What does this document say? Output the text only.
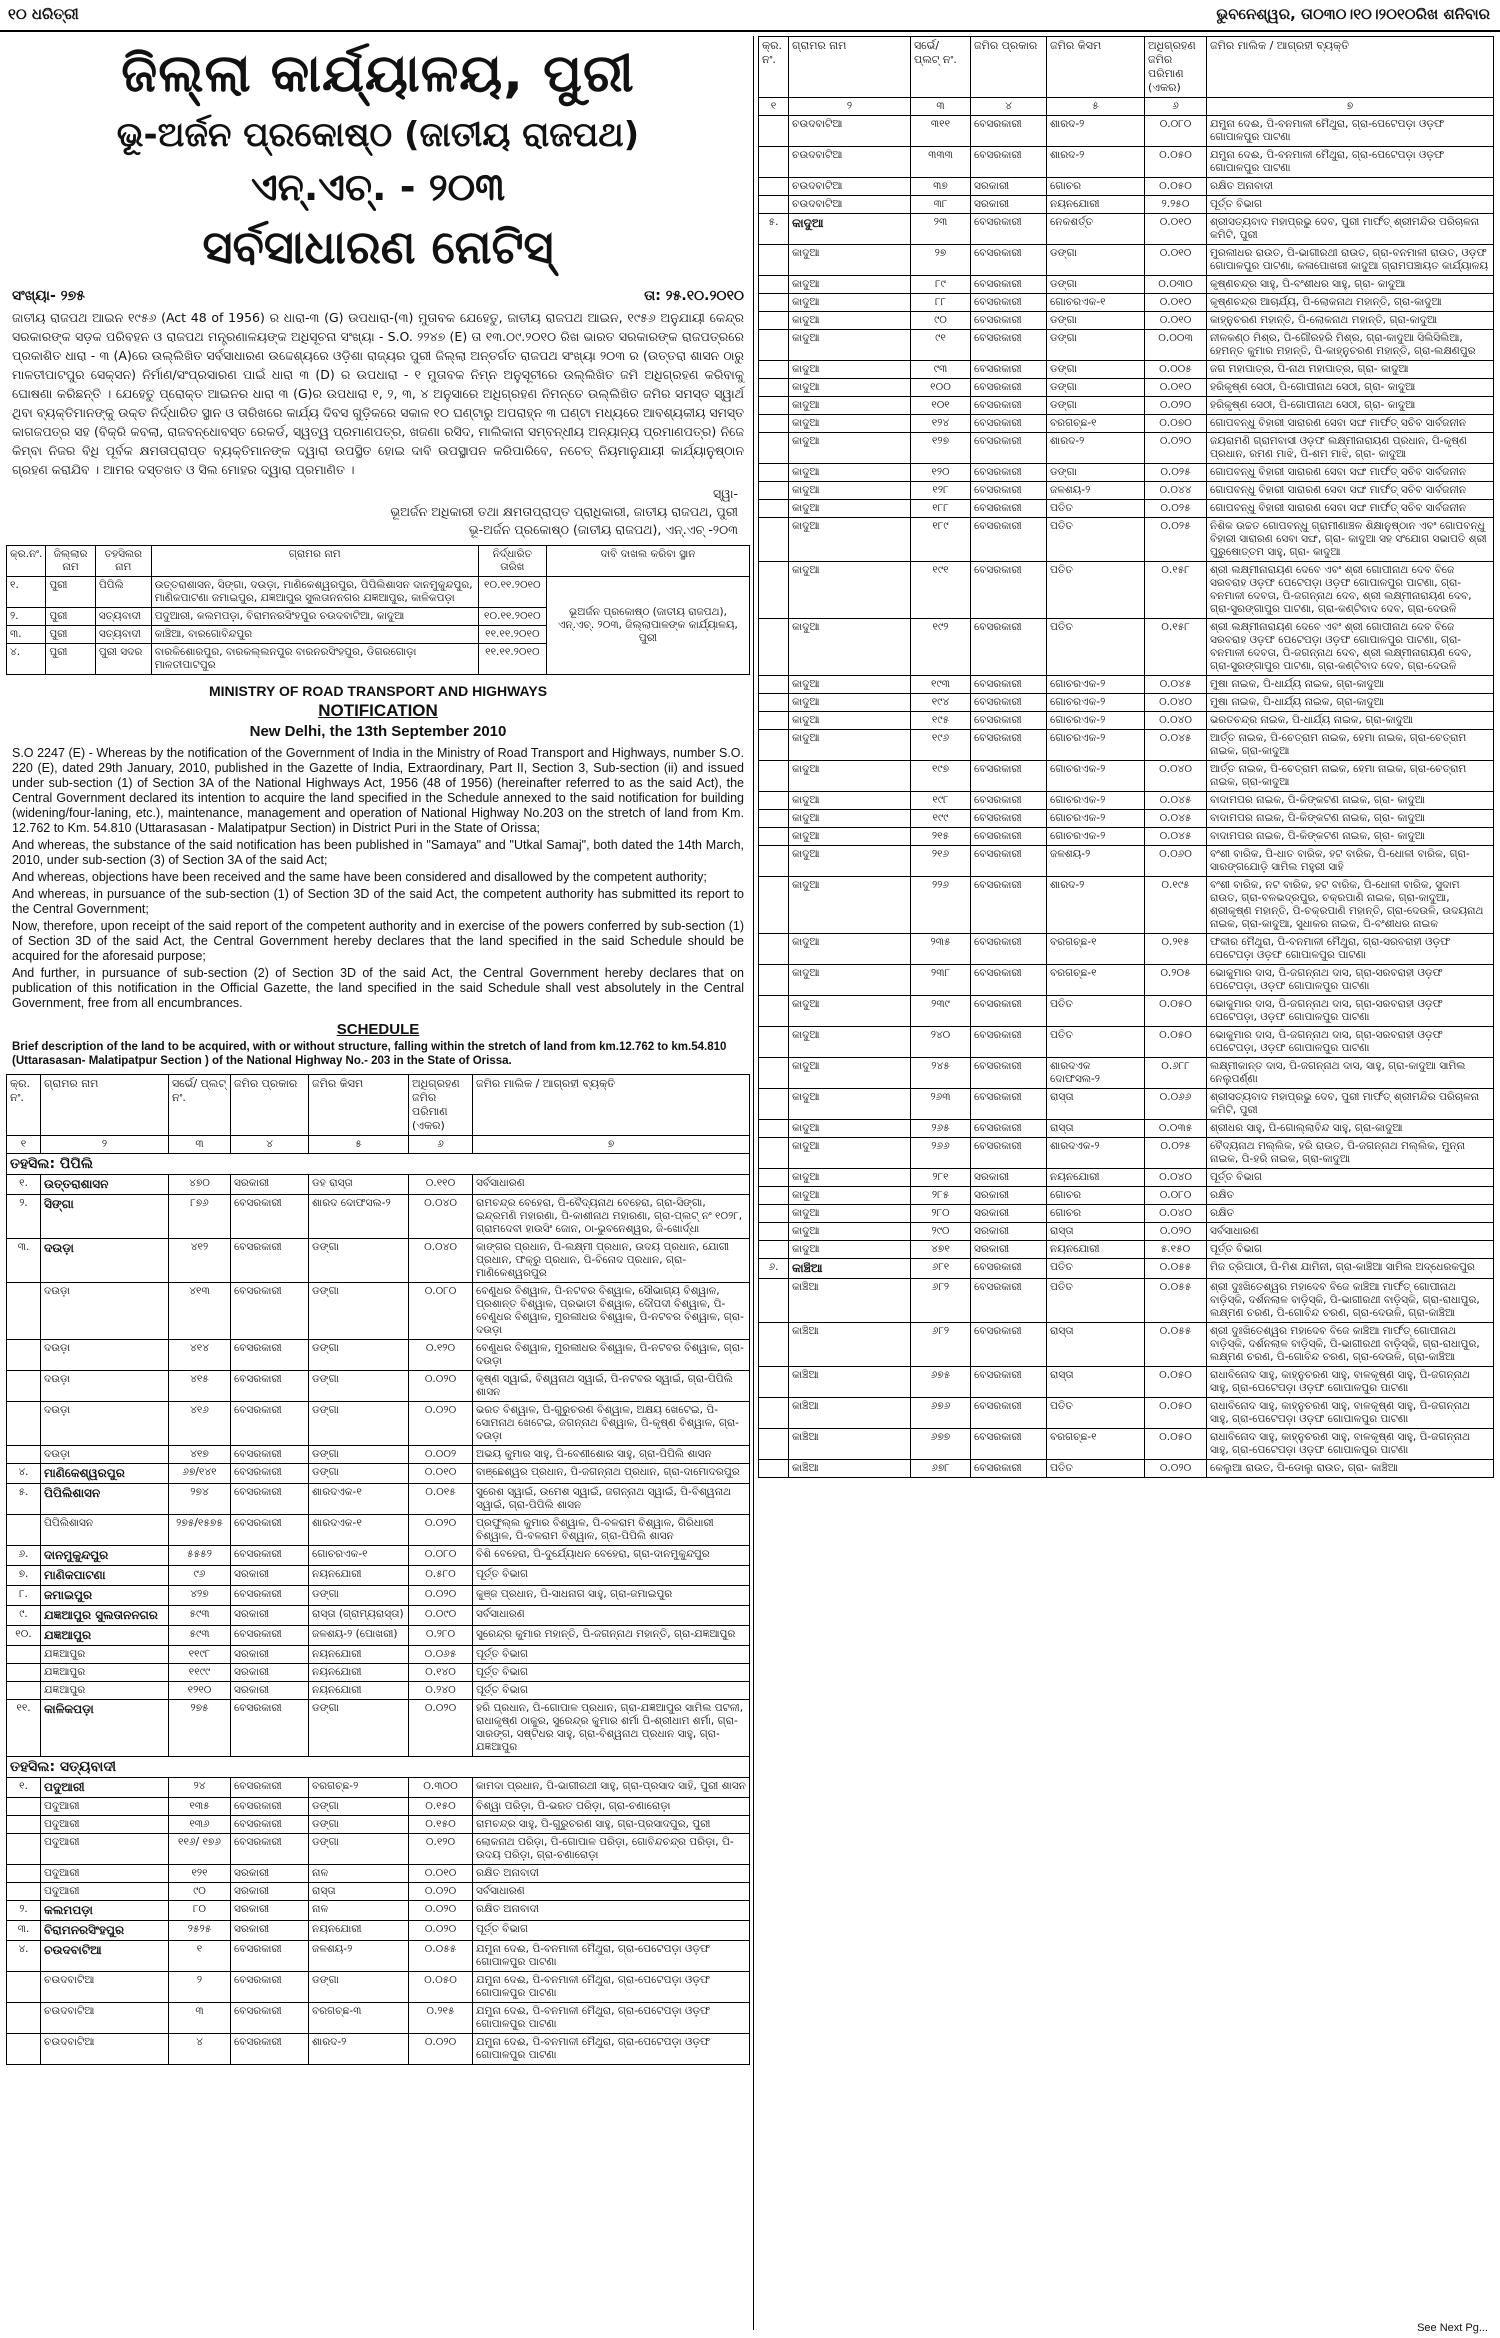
୧୦ ଧରିତ୍ରୀ	ଭୁବନେଶ୍ୱର, ତା୦୩୦।୧୦।୨୦୧୦ରିଖ ଶନିବାର
ଜିଲ୍ଲା କାର୍ଯ୍ୟାଳୟ, ପୁରୀ
ଭୂ-ଅର୍ଜନ ପ୍ରକୋଷ୍ଠ (ଜାତୀୟ ରାଜପଥ)
ଏନ୍.ଏଚ୍. - ୨୦୩
ସର୍ବସାଧାରଣ ନୋଟିସ୍
ସଂଖ୍ୟା- ୨୭୫	ତା: ୨୫.୧୦.୨୦୧୦

ଜାତୀୟ ରାଜପଥ ଆଇନ ୧୯୫୬ (Act 48 of 1956) ର ଧାରା-୩ (G) ଉପଧାରା-(୩) ମୁତାବକ ଯେହେତୁ, ଜାତୀୟ ରାଜପଥ ଆଇନ, ୧୯୫୬ ଅନୁଯାୟୀ କେନ୍ଦ୍ର ସରକାରଙ୍କ ସଡ଼କ ପରିବହନ ଓ ରାଜପଥ ମନ୍ତ୍ରଣାଳୟଙ୍କ ଅଧିସୂଚନା ସଂଖ୍ୟା - S.O. ୨୨୪୭ (E) ତା ୧୩.୦୯.୨୦୧୦ ରିଖ ଭାରତ ସରକାରଙ୍କ ରାଜପତ୍ରରେ ପ୍ରକାଶିତ ଧାରା - ୩ (A)ରେ ଉଲ୍ଲିଖିତ ସର୍ବସାଧାରଣ ଉଦ୍ଦେଶ୍ୟରେ ଓଡ଼ିଶା ରାଜ୍ୟର ପୁରୀ ଜିଲ୍ଲା ଅନ୍ତର୍ଗତ ରାଜପଥ ସଂଖ୍ୟା ୨୦୩ ର (ଉତ୍ତରା ଶାସନ ଠାରୁ ମାଳତୀପାଟପୁର ସେକ୍ସନ) ନିର୍ମାଣ/ସଂପ୍ରସାରଣ ପାଇଁ ଧାରା ୩ (D) ର ଉପଧାରା - ୧ ମୁତାବକ ନିମ୍ନ ଅନୁସୂଚୀରେ ଉଲ୍ଲିଖିତ ଜମି ଅଧିଗ୍ରହଣ କରିବାକୁ ଘୋଷଣା କରିଛନ୍ତି । ଯେହେତୁ ପ୍ରୋକ୍ତ ଆଇନର ଧାରା ୩ (G)ର ଉପଧାରା ୧, ୨, ୩, ୪ ଅନୁସାରେ ଅଧିଗ୍ରହଣ ନିମନ୍ତେ ଉଲ୍ଲିଖିତ ଜମିର ସମସ୍ତ ସ୍ୱାର୍ଥ ଥିବା ବ୍ୟକ୍ତିମାନଙ୍କୁ ଉକ୍ତ ନିର୍ଦ୍ଧାରିତ ସ୍ଥାନ ଓ ତାରିଖରେ କାର୍ଯ୍ୟ ଦିବସ ଗୁଡ଼ିକରେ ସକାଳ ୧୦ ଘଣ୍ଟାରୁ ଅପରାହ୍ନ ୩ ଘଣ୍ଟା ମଧ୍ୟରେ ଆବଶ୍ୟକୀୟ ସମସ୍ତ କାଗଜପତ୍ର ସହ (ବିକ୍ରି କବଲା, ରାଜବନ୍ଧୋବସ୍ତ ରେକର୍ଡ, ସ୍ୱତ୍ୱ ପ୍ରମାଣପତ୍ର, ଖଜଣା ରସିଦ, ମାଲିକାନା ସମ୍ବନ୍ଧୀୟ ଅନ୍ୟାନ୍ୟ ପ୍ରମାଣପତ୍ର) ନିଜେ କିମ୍ବା ନିଜର ବିଧି ପୂର୍ବକ କ୍ଷମତାପ୍ରାପ୍ତ ବ୍ୟକ୍ତିମାନଙ୍କ ଦ୍ୱାରା ଉପସ୍ଥିତ ହୋଇ ଦାବି ଉପସ୍ଥାପନ କରିପାରିବେ, ନଚେତ୍ ନିୟମାନୁଯାୟୀ କାର୍ଯ୍ୟାନୁଷ୍ଠାନ ଗ୍ରହଣ କରାଯିବ । ଆମର ଦସ୍ତଖତ ଓ ସିଲ ମୋହର ଦ୍ୱାରା ପ୍ରମାଣିତ ।

ସ୍ୱା-
ଭୂଅର୍ଜନ ଅଧିକାରୀ ତଥା କ୍ଷମତାପ୍ରାପ୍ତ ପ୍ରାଧିକାରୀ, ଜାତୀୟ ରାଜପଥ, ପୁରୀ
ଭୂ-ଅର୍ଜନ ପ୍ରକୋଷ୍ଠ (ଜାତୀୟ ରାଜପଥ), ଏନ୍.ଏଚ୍ -୨୦୩
କ୍ର.ନଂ.	ଜିଲ୍ଲାର ନାମ	ତହସିଲର ନାମ	ଗ୍ରାମର ନାମ	ନିର୍ଦ୍ଧାରିତ ତାରିଖ	ଦାବି ଦାଖଲ କରିବା ସ୍ଥାନ
୧.	ପୁରୀ	ପିପିଲି	ଉତ୍ତରାଶାସନ, ସିଙ୍ଗା, ଦଉଡ଼ା, ମାଣିକେଶ୍ୱରପୁର, ପିପିଲିଶାସନ ଦାନମୁକୁନ୍ଦପୁର, ମାଣିକପାଟଣା ଜମାଇପୁର, ଯଜ୍ଞଆପୁର ସୁଲତାନନଗର ଯଜ୍ଞଆପୁର, କାଳିକପଡ଼ା	୧୦.୧୧.୨୦୧୦	ଭୂଅର୍ଜନ ପ୍ରକୋଷ୍ଠ (ଜାତୀୟ ରାଜପଥ), ଏନ୍.ଏଚ୍. ୨୦୩, ଜିଲ୍ଲାପାଳଙ୍କ କାର୍ଯ୍ୟାଳୟ, ପୁରୀ
୨.	ପୁରୀ	ସତ୍ୟବାଦୀ	ପଦୁଆରୀ, କଲମପଡ଼ା, ବିରାମନରସିଂହପୁର ଚଉଦବାଟିଆ, କାଦୁଆ	୧୦.୧୧.୨୦୧୦	
୩.	ପୁରୀ	ସତ୍ୟବାଦୀ	କାଞ୍ଚିଆ, ବାରଗୋବିନ୍ଦପୁର	୧୧.୧୧.୨୦୧୦	
୪.	ପୁରୀ	ପୁରୀ ସଦର	ବାରକିଶୋରପୁର, ବାରକଲ୍ଲନପୁର ବାରନରସିଂହପୁର, ଡିଗରଗୋଡ଼ା ମାଳତୀପାଟପୁର	୧୧.୧୧.୨୦୧୦	
MINISTRY OF ROAD TRANSPORT AND HIGHWAYS
NOTIFICATION
New Delhi, the 13th September 2010

S.O 2247 (E) - Whereas by the notification of the Government of India in the Ministry of Road Transport and Highways, number S.O. 220 (E), dated 29th January, 2010, published in the Gazette of India, Extraordinary, Part II, Section 3, Sub-section (ii) and issued under sub-section (1) of Section 3A of the National Highways Act, 1956 (48 of 1956) (hereinafter referred to as the said Act), the Central Government declared its intention to acquire the land specified in the Schedule annexed to the said notification for building (widening/four-laning, etc.), maintenance, management and operation of National Highway No.203 on the stretch of land from Km. 12.762 to Km. 54.810 (Uttarasasan - Malatipatpur Section) in District Puri in the State of Orissa;

And whereas, the substance of the said notification has been published in "Samaya" and "Utkal Samaj", both dated the 14th March, 2010, under sub-section (3) of Section 3A of the said Act;

And whereas, objections have been received and the same have been considered and disallowed by the competent authority;

And whereas, in pursuance of the sub-section (1) of Section 3D of the said Act, the competent authority has submitted its report to the Central Government;

Now, therefore, upon receipt of the said report of the competent authority and in exercise of the powers conferred by sub-section (1) of Section 3D of the said Act, the Central Government hereby declares that the land specified in the said Schedule should be acquired for the aforesaid purpose;

And further, in pursuance of sub-section (2) of Section 3D of the said Act, the Central Government hereby declares that on publication of this notification in the Official Gazette, the land specified in the said Schedule shall vest absolutely in the Central Government, free from all encumbrances.

SCHEDULE
Brief description of the land to be acquired, with or without structure, falling within the stretch of land from km.12.762 to km.54.810 (Uttarasasan- Malatipatpur Section ) of the National Highway No.- 203 in the State of Orissa.
କ୍ର. ନଂ.	ଗ୍ରାମର ନାମ	ସର୍ଭେ/ ପ୍ଲଟ୍ ନଂ.	ଜମିର ପ୍ରକାର	ଜମିର କିସମ	ଅଧିଗ୍ରହଣ ଜମିର ପରିମାଣ (ଏକର)	ଜମିର ମାଲିକ / ଆଗ୍ରହୀ ବ୍ୟକ୍ତି
୧	୨	୩	୪	୫	୬	୭
ତହସିଲ: ପିପିଲି						
୧.	ଉତ୍ତରାଶାସନ	୪୭୦	ସରକାରୀ	ଡହ ରାସ୍ତା	୦.୧୧୦	ସର୍ବସାଧାରଣ
୨.	ସିଙ୍ଗା	୮୭୬	ବେସରକାରୀ	ଶାରଦ ଦୋଫସଲ-୨	୦.୦୪୦	ରାମଚନ୍ଦ୍ର ବେହେରା, ପି-ବୈଦ୍ୟନାଥ ବେହେରା, ଗ୍ରା-ସିଙ୍ଗା, ଇନ୍ଦ୍ରମଣି ମହାରଣା, ପି-କାଶୀନାଥ ମହାରଣା, ଗ୍ରା-ପ୍ଲଟ୍ ନଂ ୧୦୨୮, ଗ୍ରାମଦେବୀ ହାଉସିଂ ଜୋନ, ଠା-ଭୁବନେଶ୍ୱର, ଜି-ଖୋର୍ଦ୍ଧା
୩.	ଦଉଡ଼ା	୪୧୨	ବେସରକାରୀ	ଡଙ୍ଗା	୦.୦୪୦	କାଙ୍ଗର ପ୍ରଧାନ, ପି-ଲକ୍ଷ୍ମୀ ପ୍ରଧାନ, ଉଦୟ ପ୍ରଧାନ, ଯୋଗୀ ପ୍ରଧାନ, ଫକ୍ରୁ ପ୍ରଧାନ, ପି-ବିନୋଦ ପ୍ରଧାନ, ଗ୍ରା-ମାଣିକେଶ୍ୱରପୁର
	ଦଉଡ଼ା	୪୧୩	ବେସରକାରୀ	ଡଙ୍ଗା	୦.୦୮୦	ବେଣୁଧର ବିଶ୍ୱାଳ, ପି-ନଟବର ବିଶ୍ୱାଳ, ସୌଭାଗ୍ୟ ବିଶ୍ୱାଳ, ପ୍ରଶାନ୍ତ ବିଶ୍ୱାଳ, ପ୍ରଭାତୀ ବିଶ୍ୱାଳ, ଦୌପଦୀ ବିଶ୍ୱାଳ, ପି-ବେଣୁଧର ବିଶ୍ୱାଳ, ମୁରଲୀଧର ବିଶ୍ୱାଳ, ପି-ନଟବର ବିଶ୍ୱାଳ, ଗ୍ରା- ଦଉଡ଼ା
	ଦଉଡ଼ା	୪୧୪	ବେସରକାରୀ	ଡଙ୍ଗା	୦.୧୨୦	ବେଣୁଧର ବିଶ୍ୱାଳ, ମୁରଲୀଧର ବିଶ୍ୱାଳ, ପି-ନଟବର ବିଶ୍ୱାଳ, ଗ୍ରା- ଦଉଡ଼ା
	ଦଉଡ଼ା	୪୧୫	ବେସରକାରୀ	ଡଙ୍ଗା	୦.୦୨୦	କୃଷ୍ଣ ସ୍ୱାଇଁ, ବିଶ୍ୱନାଥ ସ୍ୱାଇଁ, ପି-ନଟବର ସ୍ୱାଇଁ, ଗ୍ରା-ପିପିଲି ଶାସନ
	ଦଉଡ଼ା	୪୧୬	ବେସରକାରୀ	ଡଙ୍ଗା	୦.୦୨୦	ଭରତ ବିଶ୍ୱାଳ, ପି-ଗୁରୁଚରଣ ବିଶ୍ୱାଳ, ଅକ୍ଷୟ ଖେଟେଇ, ପି-ସୋମନାଥ ଖେଟେଇ, ଜଗନ୍ନାଥ ବିଶ୍ୱାଳ, ପି-କୃଷ୍ଣ ବିଶ୍ୱାଳ, ଗ୍ରା- ଦଉଡ଼ା
	ଦଉଡ଼ା	୪୧୭	ବେସରକାରୀ	ଡଙ୍ଗା	୦.୦୦୨	ଅଭୟ କୁମାର ସାହୁ, ପି-ବେଣୀଶୋର ସାହୁ, ଗ୍ରା-ପିପିଲି ଶାସନ
୪.	ମାଣିକେଶ୍ୱରପୁର	୬୭/୧୪୧	ବେସରକାରୀ	ଡଙ୍ଗା	୦.୦୧୦	ବାଞ୍ଛେଶ୍ୱର ପ୍ରଧାନ, ପି-ଜଗନ୍ନାଥ ପ୍ରଧାନ, ଗ୍ରା-ଦାମୋଦରପୁର
୫.	ପିପିଲିଶାସନ	୨୭୪	ବେସରକାରୀ	ଶାରଦଏକ-୧	୦.୦୧୫	ସୁରେଶ ସ୍ୱାଇଁ, ଉମେଶ ସ୍ୱାଇଁ, ଜଗନ୍ନାଥ ସ୍ୱାଇଁ, ପି-ବିଶ୍ୱନାଥ ସ୍ୱାଇଁ, ଗ୍ରା-ପିପିଲି ଶାସନ
	ପିପିଲିଶାସନ	୨୭୫/୧୫୭୫	ବେସରକାରୀ	ଶାରଦଏକ-୧	୦.୦୨୦	ପ୍ରଫୁଲ୍ଲ କୁମାର ବିଶ୍ୱାଳ, ପି-ବଳରାମ ବିଶ୍ୱାଳ, ଗିରିଧାରୀ ବିଶ୍ୱାଳ, ପି-ବଳରାମ ବିଶ୍ୱାଳ, ଗ୍ରା-ପିପିଲି ଶାସନ
୬.	ଦାନମୁକୁନ୍ଦପୁର	୫୫୫୨	ବେସରକାରୀ	ଗୋଚରଏକ-୧	୦.୦୮୦	ବିଶି ବେହେରା, ପି-ଦୁର୍ଯ୍ୟୋଧନ ବେହେରା, ଗ୍ରା-ଦାନମୁକୁନ୍ଦପୁର
୭.	ମାଣିକପାଟଣା	୯୬	ସରକାରୀ	ନୟନଯୋରୀ	୦.୫୮୦	ପୂର୍ତ୍ତ ବିଭାଗ
୮.	ଜମାଇପୁର	୪୨୭	ବେସରକାରୀ	ଡଙ୍ଗା	୦.୦୨୦	କୁଞ୍ଜ ପ୍ରଧାନ, ପି-ସାଧନାଗ ସାହୁ, ଗ୍ରା-ଜମାଇପୁର
୯.	ଯଜ୍ଞଆପୁର ସୁଲତାନନଗର	୫୯୩	ସରକାରୀ	ରାସ୍ତା (ଗ୍ରାମ୍ୟରାସ୍ତା)	୦.୦୯୦	ସର୍ବସାଧାରଣ
୧୦.	ଯଜ୍ଞଆପୁର	୫୯୩	ବେସରକାରୀ	ଜଳଶୟ-୨ (ପୋଖରୀ)	୦.୨୮୦	ସୁରେନ୍ଦ୍ର କୁମାର ମହାନ୍ତି, ପି-ଜଗନ୍ନାଥ ମହାନ୍ତି, ଗ୍ରା-ଯଜ୍ଞଆପୁର
	ଯଜ୍ଞଆପୁର	୧୧୯୮	ସରକାରୀ	ନୟନଯୋରୀ	୦.୦୬୫	ପୂର୍ତ୍ତ ବିଭାଗ
	ଯଜ୍ଞଆପୁର	୧୧୯୯	ସରକାରୀ	ନୟନଯୋରୀ	୦.୧୪୦	ପୂର୍ତ୍ତ ବିଭାଗ
	ଯଜ୍ଞଆପୁର	୧୨୧୦	ସରକାରୀ	ନୟନଯୋରୀ	୦.୨୪୦	ପୂର୍ତ୍ତ ବିଭାଗ
୧୧.	କାଳିକପଡ଼ା	୨୭୫	ବେସରକାରୀ	ଡଙ୍ଗା	୦.୦୨୦	ହରି ପ୍ରଧାନ, ପି-ଗୋପାଳ ପ୍ରଧାନ, ଗ୍ରା-ଯଜ୍ଞଆପୁର ସାମିଲ ପଟଳୀ, ରାଧାକୃଷ୍ଣ ଠାକୁର, ସୁରେନ୍ଦ୍ର କୁମାର ଶର୍ମା ପି-ଶ୍ରୀଧାମ ଶର୍ମା, ଗ୍ରା-ସାରଙ୍ଗ, ସଷ୍ଟିଧର ସାହୁ, ଗ୍ରା-ବିଶ୍ୱନାଥ ପ୍ରଧାନ ସାହୁ, ଗ୍ରା-ଯଜ୍ଞଆପୁର
ତହସିଲ: ସତ୍ୟବାଦୀ						
୧.	ପଦୁଆରୀ	୨୪	ବେସରକାରୀ	ବରଗଚ୍ଛ-୨	୦.୩୦୦	କାମଦା ପ୍ରଧାନ, ପି-ଭାଗୀରଥୀ ସାହୁ, ଗ୍ରା-ପ୍ରସାଦ ସାହି, ପୁରୀ ଶାସନ
	ପଦୁଆରୀ	୧୩୫	ବେସରକାରୀ	ଡଙ୍ଗା	୦.୧୫୦	ବିଶ୍ୱା ପରିଡ଼ା, ପି-ଭରତ ପରିଡ଼ା, ଗ୍ରା-ଚଣାରୋଡ଼ା
	ପଦୁଆରୀ	୧୩୬	ବେସରକାରୀ	ଡଙ୍ଗା	୦.୧୫୦	ରାମଚନ୍ଦ୍ର ସାହୁ, ପି-ଗୁରୁଚରଣ ସାହୁ, ଗ୍ରା-ପ୍ରସାଦପୁର, ପୁରୀ
	ପଦୁଆରୀ	୧୧୬/ ୧୭୬	ବେସରକାରୀ	ଡଙ୍ଗା	୦.୧୨୦	ଲୋକନାଥ ପରିଡ଼ା, ପି-ଗୋପାଳ ପରିଡ଼ା, ଗୋବିନ୍ଦଚନ୍ଦ୍ର ପରିଡ଼ା, ପି-ଉଦୟ ପରିଡ଼ା, ଗ୍ରା-ଚଣାରୋଡ଼ା
	ପଦୁଆରୀ	୧୨୧	ସରକାରୀ	ନାଳ	୦.୦୧୦	ରକ୍ଷିତ ଅନାବାଦୀ
	ପଦୁଆରୀ	୯୦	ସରକାରୀ	ରାସ୍ତା	୦.୦୨୦	ସର୍ବସାଧାରଣ
୨.	କଲମପଡ଼ା	୮୦	ସରକାରୀ	ନାଳ	୦.୦୨୦	ରକ୍ଷିତ ଅନାବାଦୀ
୩.	ବିରାମନରସିଂହପୁର	୨୫୨୫	ସରକାରୀ	ନୟନଯୋରୀ	୦.୦୨୦	ପୂର୍ତ୍ତ ବିଭାଗ
୪.	ଚଉଦବାଟିଆ	୧	ବେସରକାରୀ	ଜଳଶୟ-୨	୦.୦୫୫	ଯମୁନା ଦେଈ, ପି-ବନମାଳୀ ମୈଥୁରା, ଗ୍ରା-ପେଟେପଡ଼ା ଓଡ଼ଫ ଗୋପାଳପୁର ପାଟଣା
	ଚଉଦବାଟିଆ	୨	ବେସରକାରୀ	ଡଙ୍ଗା	୦.୦୫୦	ଯମୁନା ଦେଈ, ପି-ବନମାଳୀ ମୈଥୁରା, ଗ୍ରା-ପେଟେପଡ଼ା ଓଡ଼ଫ ଗୋପାଳପୁର ପାଟଣା
	ଚଉଦବାଟିଆ	୩	ବେସରକାରୀ	ବରଗଚ୍ଛ-୩	୦.୨୧୫	ଯମୁନା ଦେଈ, ପି-ବନମାଳୀ ମୈଥୁରା, ଗ୍ରା-ପେଟେପଡ଼ା ଓଡ଼ଫ ଗୋପାଳପୁର ପାଟଣା
	ଚଉଦବାଟିଆ	୪	ବେସରକାରୀ	ଶାରଦ-୨	୦.୦୨୦	ଯମୁନା ଦେଈ, ପି-ବନମାଳୀ ମୈଥୁରା, ଗ୍ରା-ପେଟେପଡ଼ା ଓଡ଼ଫ ଗୋପାଳପୁର ପାଟଣା
କ୍ର. ନଂ.	ଗ୍ରାମର ନାମ	ସର୍ଭେ/ ପ୍ଲଟ୍ ନଂ.	ଜମିର ପ୍ରକାର	ଜମିର କିସମ	ଅଧିଗ୍ରହଣ ଜମିର ପରିମାଣ (ଏକର)	ଜମିର ମାଲିକ / ଆଗ୍ରହୀ ବ୍ୟକ୍ତି
୧	୨	୩	୪	୫	୬	୭
	ଚଉଦବାଟିଆ	୩୧୧	ବେସରକାରୀ	ଶାରଦ-୨	୦.୦୮୦	ଯମୁନା ଦେଈ, ପି-ବନମାଳୀ ମୈଥୁରା, ଗ୍ରା-ପେଟେପଡ଼ା ଓଡ଼ଫ ଗୋପାଳପୁର ପାଟଣା
	ଚଉଦବାଟିଆ	୩୩୩	ବେସରକାରୀ	ଶାରଦ-୨	୦.୦୫୦	ଯମୁନା ଦେଈ, ପି-ବନମାଳୀ ମୈଥୁରା, ଗ୍ରା-ପେଟେପଡ଼ା ଓଡ଼ଫ ଗୋପାଳପୁର ପାଟଣା
	ଚଉଦବାଟିଆ	୩୭	ସରକାରୀ	ଗୋଚର	୦.୦୫୦	ରକ୍ଷିତ ଅନାବାଦୀ
	ଚଉଦବାଟିଆ	୩୮	ସରକାରୀ	ନୟନଯୋରୀ	୨.୨୫୦	ପୂର୍ତ୍ତ ବିଭାଗ
୫.	କାଦୁଆ	୨୩	ବେସରକାରୀ	ନେକଶର୍ତ୍ତ	୦.୦୧୦	ଶ୍ରୀସତ୍ୟବାଦ ମହାପ୍ରଭୁ ଦେବ, ପୁରୀ ମାର୍ଫତ୍ ଶ୍ରୀମନ୍ଦିର ପରିଚାଳନା କମିଟି, ପୁରୀ
	କାଦୁଆ	୨୭	ବେସରକାରୀ	ଡଙ୍ଗା	୦.୦୧୦	ମୁରଲୀଧର ରାଉତ, ପି-ଭାଗୀରଥୀ ରାଉତ, ଗ୍ରା-ବନମାଳୀ ରାଉତ, ଓଡ଼ଫ ଗୋପାଳପୁର ପାଟଣା, କଳାପୋଖରୀ କାଦୁଆ ଗ୍ରାମପଞ୍ଚାୟତ କାର୍ଯ୍ୟାଳୟ
	କାଦୁଆ	୮୯	ବେସରକାରୀ	ଡଙ୍ଗା	୦.୦୩୦	କୃଷ୍ଣଚନ୍ଦ୍ର ସାହୁ, ପି-ବଂଶୀଧର ସାହୁ, ଗ୍ରା- କାଦୁଆ
	କାଦୁଆ	୮୮	ବେସରକାରୀ	ଗୋଚରଏକ-୧	୦.୦୧୦	କୃଷ୍ଣଚନ୍ଦ୍ର ଆଚାର୍ଯ୍ୟ, ପି-ଲୋକନାଥ ମହାନ୍ତି, ଗ୍ରା-କାଦୁଆ
	କାଦୁଆ	୯୦	ବେସରକାରୀ	ଡଙ୍ଗା	୦.୦୧୦	କାହ୍ନୁଚରଣ ମହାନ୍ତି, ପି-ଲୋକନାଥ ମହାନ୍ତି, ଗ୍ରା-କାଦୁଆ
	କାଦୁଆ	୯୧	ବେସରକାରୀ	ଡଙ୍ଗା	୦.୦୦୩	ନୀଳକଣ୍ଠ ମିଶ୍ର, ପି-ଗୌରହରି ମିଶ୍ର, ଗ୍ରା-କାଦୁଆ ସିଲିସିଲିଆ, ହେମନ୍ତ କୁମାର ମହାନ୍ତି, ପି-କାହ୍ନୁଚରଣ ମହାନ୍ତି, ଗ୍ରା-ଲକ୍ଷଣପୁର
	କାଦୁଆ	୯୩	ବେସରକାରୀ	ଡଙ୍ଗା	୦.୦୦୫	ଜଗ ମହାପାତ୍ର, ପି-ନାଥ ମହାପାତ୍ର, ଗ୍ରା- କାଦୁଆ
	କାଦୁଆ	୧୦୦	ବେସରକାରୀ	ଡଙ୍ଗା	୦.୦୧୦	ହରିକୃଷ୍ଣ ସେଠୀ, ପି-ଗୋପୀନାଥ ସେଠୀ, ଗ୍ରା- କାଦୁଆ
	କାଦୁଆ	୧୦୧	ବେସରକାରୀ	ଡଙ୍ଗା	୦.୦୨୦	ହରିକୃଷ୍ଣ ସେଠୀ, ପି-ଗୋପୀନାଥ ସେଠୀ, ଗ୍ରା- କାଦୁଆ
	କାଦୁଆ	୧୨୪	ବେସରକାରୀ	ବରଗଚ୍ଛ-୧	୦.୦୭୦	ଗୋପବନ୍ଧୁ ବିହାରୀ ସାରାରଣ ସେବା ସଙ୍ଘ ମାର୍ଫତ୍ ସଚିବ ସାର୍ବଜନୀନ
	କାଦୁଆ	୧୨୭	ବେସରକାରୀ	ଶାରଦ-୨	୦.୦୨୦	ଜୟରାମଣି ଗ୍ରାମବାସୀ ଓଡ଼ଫ ଲକ୍ଷ୍ମୀନାରାୟଣ ପ୍ରଧାନ, ପି-କୃଷ୍ଣ ପ୍ରଧାନ, ରମଣ ମାଝି, ପି-ଶମ ମାଝି, ଗ୍ରା- କାଦୁଆ
	କାଦୁଆ	୧୨୦	ବେସରକାରୀ	ଡଙ୍ଗା	୦.୦୨୫	ଗୋପବନ୍ଧୁ ବିହାରୀ ସାରାରଣ ସେବା ସଙ୍ଘ ମାର୍ଫତ୍ ସଚିବ ସାର୍ବଜନୀନ
	କାଦୁଆ	୧୨୮	ବେସରକାରୀ	ଜଳଶୟ-୨	୦.୦୪୪	ଗୋପବନ୍ଧୁ ବିହାରୀ ସାରାରଣ ସେବା ସଙ୍ଘ ମାର୍ଫତ୍ ସଚିବ ସାର୍ବଜନୀନ
	କାଦୁଆ	୧୮୮	ବେସରକାରୀ	ପତିତ	୦.୦୨୫	ଗୋପବନ୍ଧୁ ବିହାରୀ ସାରାରଣ ସେବା ସଙ୍ଘ ମାର୍ଫତ୍ ସଚିବ ସାର୍ବଜନୀନ
	କାଦୁଆ	୧୮୯	ବେସରକାରୀ	ପତିତ	୦.୦୨୫	ନିଶିକ ଉଚ୍ଚତ ଗୋପବନ୍ଧୁ ଗ୍ରାମୀଣାଞ୍ଚଳ ଶିକ୍ଷାନୁଷ୍ଠାନ ଏବଂ ଗୋପବନ୍ଧୁ ବିହାରୀ ସାରାରଣ ସେବା ସଙ୍ଘ, ଗ୍ରା- କାଦୁଆ ସହ ସଂଯୋଗ ସଭାପତି ଶ୍ରୀ ପୁରୁଷୋତ୍ତମ ସାହୁ, ଗ୍ରା- କାଦୁଆ
	କାଦୁଆ	୧୯୧	ବେସରକାରୀ	ପତିତ	୦.୧୫୮	ଶ୍ରୀ ଲକ୍ଷ୍ମୀନାରାୟଣ ଦେବେ ଏବଂ ଶ୍ରୀ ଗୋପୀନାଥ ଦେବ ବିଜେ ସରବରାହ ଓଡ଼ଫ ପେଟେପଡ଼ା ଓଡ଼ଫ ଗୋପାଳପୁର ପାଟଣା, ଗ୍ରା-ବନମାଳୀ ଦେବତା, ପି-ଜଗନ୍ନାଥ ଦେବ, ଶ୍ରୀ ଲକ୍ଷ୍ମୀନାରାୟଣ ଦେବ, ଗ୍ରା-ସୁରଙ୍ଗାପୁର ପାଟଣା, ଗ୍ରା-କଣ୍ଟିବାଦ ଦେବ, ଗ୍ରା-ଦେଉଳି
	କାଦୁଆ	୧୯୨	ବେସରକାରୀ	ପତିତ	୦.୧୫୮	ଶ୍ରୀ ଲକ୍ଷ୍ମୀନାରାୟଣ ଦେବେ ଏବଂ ଶ୍ରୀ ଗୋପୀନାଥ ଦେବ ବିଜେ ସରବରାହ ଓଡ଼ଫ ପେଟେପଡ଼ା ଓଡ଼ଫ ଗୋପାଳପୁର ପାଟଣା, ଗ୍ରା-ବନମାଳୀ ଦେବତା, ପି-ଜଗନ୍ନାଥ ଦେବ, ଶ୍ରୀ ଲକ୍ଷ୍ମୀନାରାୟଣ ଦେବ, ଗ୍ରା-ସୁରଙ୍ଗାପୁର ପାଟଣା, ଗ୍ରା-କଣ୍ଟିବାଦ ଦେବ, ଗ୍ରା-ଦେଉଳି
	କାଦୁଆ	୧୯୩	ବେସରକାରୀ	ଗୋଚରଏକ-୨	୦.୦୪୫	ମୁଷା ନାଇକ, ପି-ଧାର୍ଯ୍ୟ ନାଇକ, ଗ୍ରା-କାଦୁଆ
	କାଦୁଆ	୧୯୪	ବେସରକାରୀ	ଗୋଚରଏକ-୨	୦.୦୪୦	ମୁଷା ନାଇକ, ପି-ଧାର୍ଯ୍ୟ ନାଇକ, ଗ୍ରା-କାଦୁଆ
	କାଦୁଆ	୧୯୫	ବେସରକାରୀ	ଗୋଚରଏକ-୨	୦.୦୪୦	ଭରତଚନ୍ଦ୍ର ନାଇକ, ପି-ଧାର୍ଯ୍ୟ ନାଇକ, ଗ୍ରା-କାଦୁଆ
	କାଦୁଆ	୧୯୬	ବେସରକାରୀ	ଗୋଚରଏକ-୨	୦.୦୪୫	ଆର୍ତ୍ତ ନାଇକ, ପି-ଚେତ୍ରାମ ନାଇକ, ହେମା ନାଇକ, ଗ୍ରା-ଚେତ୍ରାମ ନାଇକ, ଗ୍ରା-କାଦୁଆ
	କାଦୁଆ	୧୯୭	ବେସରକାରୀ	ଗୋଚରଏକ-୨	୦.୦୪୦	ଆର୍ତ୍ତ ନାଇକ, ପି-ଚେତ୍ରାମ ନାଇକ, ହେମା ନାଇକ, ଗ୍ରା-ଚେତ୍ରାମ ନାଇକ, ଗ୍ରା-କାଦୁଆ
	କାଦୁଆ	୧୯୮	ବେସରକାରୀ	ଗୋଚରଏକ-୨	୦.୦୪୫	ବାଦାମପର ନାଇକ, ପି-କିଙ୍କଟଣ ନାଇକ, ଗ୍ରା- କାଦୁଆ
	କାଦୁଆ	୧୯୯	ବେସରକାରୀ	ଗୋଚରଏକ-୨	୦.୦୪୫	ବାଦାମପର ନାଇକ, ପି-କିଙ୍କଟଣ ନାଇକ, ଗ୍ରା- କାଦୁଆ
	କାଦୁଆ	୨୧୫	ବେସରକାରୀ	ଗୋଚରଏକ-୨	୦.୦୪୫	ବାଦାମପର ନାଇକ, ପି-କିଙ୍କଟଣ ନାଇକ, ଗ୍ରା- କାଦୁଆ
	କାଦୁଆ	୨୧୬	ବେସରକାରୀ	ଜଳଶୟ-୨	୦.୦୬୦	ବଂଶୀ ବାରିକ, ପି-ଧାତ ବାରିକ, ହଟ ବାରିକ, ପି-ଧୋଳୀ ବାରିକ, ଗ୍ରା-ସାରଙ୍ଗଯୋଡ଼ି ସାମିଲ ମହୁରୀ ସାହି
	କାଦୁଆ	୨୨୬	ବେସରକାରୀ	ଶାରଦ-୨	୦.୧୯୫	ବଂଶୀ ବାରିକ, ନଟ ବାରିକ, ହଟ ବାରିକ, ପି-ଧୋଳୀ ବାରିକ, ସୁଦାମ ରାଉତ, ଗ୍ରା-ବଳଭଦ୍ରପୁର, ଚକ୍ରପାଣି ନାଇକ, ଗ୍ରା-କାଦୁଆ, ଶ୍ରୀକୃଷ୍ଣ ମହାନ୍ତି, ପି-ଚକ୍ରପାଣି ମହାନ୍ତି, ଗ୍ରା-ଦେଉଳି, ଉଦୟନାଥ ନାଇକ, ଗ୍ରା-କାଦୁଆ, ସୁଧାକର ନାଇକ, ପି-ବଂଶୀଧର ନାଇକ
	କାଦୁଆ	୨୩୫	ବେସରକାରୀ	ବରଗଚ୍ଛ-୧	୦.୨୧୫	ଫକୀର ମୈଥୁରା, ପି-ବନମାଳୀ ମୈଥୁରା, ଗ୍ରା-ସରବରାହୀ ଓଡ଼ଫ ପେଟେପଡ଼ା ଓଡ଼ଫ ଗୋପାଳପୁର ପାଟଣା
	କାଦୁଆ	୨୩୮	ବେସରକାରୀ	ବରଗଚ୍ଛ-୧	୦.୨୦୫	ଭୋକୁମାର ଦାସ, ପି-ଜଗନ୍ନାଥ ଦାସ, ଗ୍ରା-ସରବରାହୀ ଓଡ଼ଫ ପେଟେପଡ଼ା, ଓଡ଼ଫ ଗୋପାଳପୁର ପାଟଣା
	କାଦୁଆ	୨୩୯	ବେସରକାରୀ	ପତିତ	୦.୦୫୦	ଭୋକୁମାର ଦାସ, ପି-ଜଗନ୍ନାଥ ଦାସ, ଗ୍ରା-ସରବରାହୀ ଓଡ଼ଫ ପେଟେପଡ଼ା, ଓଡ଼ଫ ଗୋପାଳପୁର ପାଟଣା
	କାଦୁଆ	୨୪୦	ବେସରକାରୀ	ପତିତ	୦.୦୫୦	ଭୋକୁମାର ଦାସ, ପି-ଜଗନ୍ନାଥ ଦାସ, ଗ୍ରା-ସରବରାହୀ ଓଡ଼ଫ ପେଟେପଡ଼ା, ଓଡ଼ଫ ଗୋପାଳପୁର ପାଟଣା
	କାଦୁଆ	୨୪୫	ବେସରକାରୀ	ଶାରଦଏକ ଦୋଫସଲ-୨	୦.୬୮୮	ଲକ୍ଷ୍ମୀକାନ୍ତ ଦାସ, ପି-ଜଗନ୍ନାଥ ଦାସ, ସାହୁ, ଗ୍ରା-କାଦୁଆ ସାମିଲ ନେଲୁପର୍ଣ୍ଣା
	କାଦୁଆ	୨୬୩	ବେସରକାରୀ	ରାସ୍ତା	୦.୦୬୬	ଶ୍ରୀସତ୍ୟବାଦ ମହାପ୍ରଭୁ ଦେବ, ପୁରୀ ମାର୍ଫତ୍ ଶ୍ରୀମନ୍ଦିର ପରିଚାଳନା କମିଟି, ପୁରୀ
	କାଦୁଆ	୨୬୫	ବେସରକାରୀ	ରାସ୍ତା	୦.୦୩୫	ଶ୍ରୀଧର ସାହୁ, ପି-ଗୋଲ୍ଲାବିନ୍ଦ ସାହୁ, ଗ୍ରା-କାଦୁଆ
	କାଦୁଆ	୨୬୬	ବେସରକାରୀ	ଶାରଦଏକ-୨	୦.୦୨୫	ବୈଦ୍ୟନାଥ ମଲ୍ଲିକ, ହରି ରାଉତ, ପି-ଜଗନ୍ନାଥ ମଲ୍ଲିକ, ମୁନ୍ନା ନାଇକ, ପି-ହରି ନାଇକ, ଗ୍ରା-କାଦୁଆ
	କାଦୁଆ	୨୮୧	ସରକାରୀ	ନୟନଯୋରୀ	୦.୦୪୦	ପୂର୍ତ୍ତ ବିଭାଗ
	କାଦୁଆ	୨୮୫	ସରକାରୀ	ଗୋଚର	୦.୦୮୦	ରକ୍ଷିତ
	କାଦୁଆ	୨୮୦	ସରକାରୀ	ଗୋଚର	୦.୦୪୦	ରକ୍ଷିତ
	କାଦୁଆ	୨୯୦	ସରକାରୀ	ରାସ୍ତା	୦.୦୨୦	ସର୍ବସାଧାରଣ
	କାଦୁଆ	୪୭୧	ସରକାରୀ	ନୟନଯୋରୀ	୫.୧୫୦	ପୂର୍ତ୍ତ ବିଭାଗ
୬.	କାଞ୍ଚିଆ	୬୮୧	ବେସରକାରୀ	ପତିତ	୦.୦୫୫	ମିଜ ତ୍ରିପାଠୀ, ପି-ମିଶ ଯାମିନୀ, ଗ୍ରା-କାଞ୍ଚିଆ ସାମିଲ ଅଦ୍ଧେରକପୁର
	କାଞ୍ଚିଆ	୬୮୨	ବେସରକାରୀ	ପତିତ	୦.୦୫୫	ଶ୍ରୀ ଦୁଃଖିତେଶ୍ୱର ମହାଦେବ ବିଜେ କାଞ୍ଚିଆ ମାର୍ଫତ୍ ଗୋପୀନାଥ ବାଡ଼ିସ୍କି, ଦର୍ଶନଲାଳ ବାଡ଼ିସ୍କି, ପି-ଭାଗୀରଥୀ ବାଡ଼ିସ୍କି, ଗ୍ରା-ରାଧାପୁର, ଲକ୍ଷ୍ମଣ ଚରଣ, ପି-ଗୋବିନ୍ଦ ଚରଣ, ଗ୍ରା-ଦେଉଳି, ଗ୍ରା-କାଞ୍ଚିଆ
	କାଞ୍ଚିଆ	୬୮୨	ବେସରକାରୀ	ରାସ୍ତା	୦.୦୫୫	ଶ୍ରୀ ଦୁଃଖିତେଶ୍ୱର ମହାଦେବ ବିଜେ କାଞ୍ଚିଆ ମାର୍ଫତ୍ ଗୋପୀନାଥ ବାଡ଼ିସ୍କି, ଦର୍ଶନଲାଳ ବାଡ଼ିସ୍କି, ପି-ଭାଗୀରଥୀ ବାଡ଼ିସ୍କି, ଗ୍ରା-ରାଧାପୁର, ଲକ୍ଷ୍ମଣ ଚରଣ, ପି-ଗୋବିନ୍ଦ ଚରଣ, ଗ୍ରା-ଦେଉଳି, ଗ୍ରା-କାଞ୍ଚିଆ
	କାଞ୍ଚିଆ	୬୭୫	ବେସରକାରୀ	ରାସ୍ତା	୦.୦୫୦	ରାଧାବିନୋଦ ସାହୁ, କାହ୍ନୁଚରଣ ସାହୁ, ବାଳକୃଷ୍ଣ ସାହୁ, ପି-ଜଗନ୍ନାଥ ସାହୁ, ଗ୍ରା-ପେଟେପଡ଼ା ଓଡ଼ଫ ଗୋପାଳପୁର ପାଟଣା
	କାଞ୍ଚିଆ	୬୭୬	ବେସରକାରୀ	ପତିତ	୦.୦୫୦	ରାଧାବିନୋଦ ସାହୁ, କାହ୍ନୁଚରଣ ସାହୁ, ବାଳକୃଷ୍ଣ ସାହୁ, ପି-ଜଗନ୍ନାଥ ସାହୁ, ଗ୍ରା-ପେଟେପଡ଼ା ଓଡ଼ଫ ଗୋପାଳପୁର ପାଟଣା
	କାଞ୍ଚିଆ	୬୭୭	ବେସରକାରୀ	ବରଗଚ୍ଛ-୧	୦.୦୫୦	ରାଧାବିନୋଦ ସାହୁ, କାହ୍ନୁଚରଣ ସାହୁ, ବାଳକୃଷ୍ଣ ସାହୁ, ପି-ଜଗନ୍ନାଥ ସାହୁ, ଗ୍ରା-ପେଟେପଡ଼ା ଓଡ଼ଫ ଗୋପାଳପୁର ପାଟଣା
	କାଞ୍ଚିଆ	୬୭୮	ବେସରକାରୀ	ପତିତ	୦.୦୨୦	କେଲୁଆ ରାଉତ, ପି-ଡୋଲୁ ରାଉତ, ଗ୍ରା- କାଞ୍ଚିଆ
See Next Pg...
